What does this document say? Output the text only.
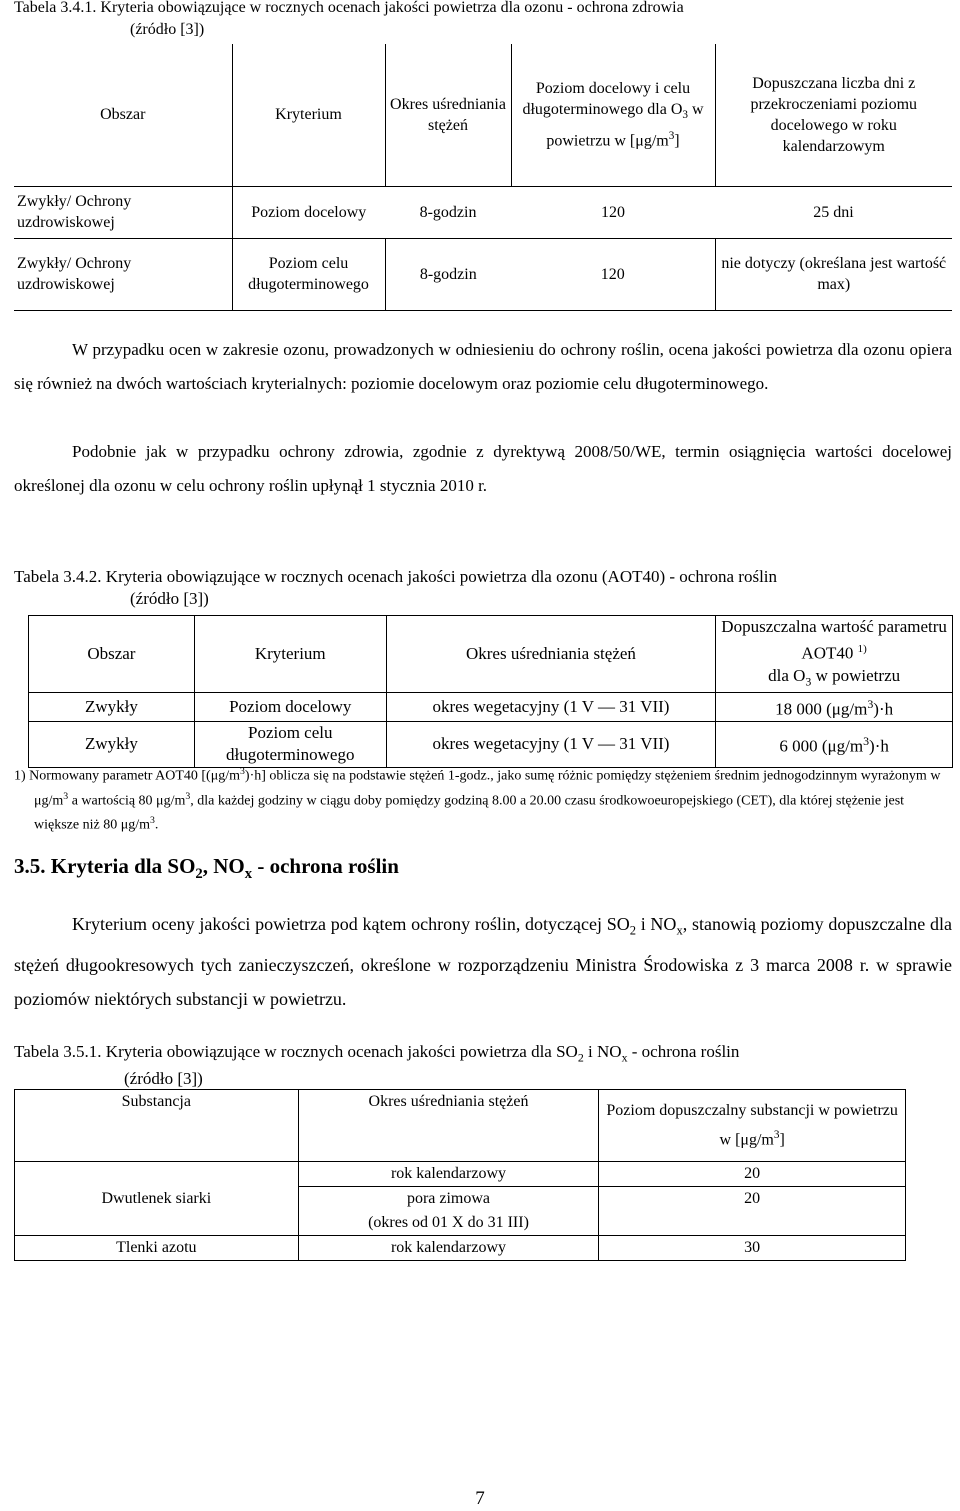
Tabela 3.4.1. Kryteria obowiązujące w rocznych ocenach jakości powietrza dla ozonu - ochrona zdrowia
(źródło [3])
Obszar	Kryterium	Okres uśredniania stężeń	Poziom docelowy i celu długoterminowego dla $O_3$ w powietrzu w $[\mu g/m^3]$	Dopuszczana liczba dni z przekroczeniami poziomu docelowego w roku kalendarzowym
Zwykły/ Ochrony uzdrowiskowej	Poziom docelowy	8-godzin	120	25 dni
Zwykły/ Ochrony uzdrowiskowej	Poziom celu długoterminowego	8-godzin	120	nie dotyczy (określana jest wartość max)
W przypadku ocen w zakresie ozonu, prowadzonych w odniesieniu do ochrony roślin, ocena jakości powietrza dla ozonu opiera się również na dwóch wartościach kryterialnych: poziomie docelowym oraz poziomie celu długoterminowego.
Podobnie jak w przypadku ochrony zdrowia, zgodnie z dyrektywą 2008/50/WE, termin osiągnięcia wartości docelowej określonej dla ozonu w celu ochrony roślin upłynął 1 stycznia 2010 r.
Tabela 3.4.2. Kryteria obowiązujące w rocznych ocenach jakości powietrza dla ozonu (AOT40) - ochrona roślin
(źródło [3])
Obszar	Kryterium	Okres uśredniania stężeń	Dopuszczalna wartość parametru AOT40 $^{1)}$
dla $O_3$ w powietrzu
Zwykły	Poziom docelowy	okres wegetacyjny (1 V — 31 VII)	18 000 $(\mu g/m^3)\cdot h$
Zwykły	Poziom celu długoterminowego	okres wegetacyjny (1 V — 31 VII)	6 000 $(\mu g/m^3)\cdot h$
1) Normowany parametr AOT40 $[(\mu g/m^3)\cdot h]$ oblicza się na podstawie stężeń 1-godz., jako sumę różnic pomiędzy stężeniem średnim jednogodzinnym wyrażonym w $\mu g/m^3$ a wartością 80 $\mu g/m^3$, dla każdej godziny w ciągu doby pomiędzy godziną 8.00 a 20.00 czasu środkowoeuropejskiego (CET), dla której stężenie jest większe niż 80 $\mu g/m^3$.
3.5. Kryteria dla $SO_2$, $NO_x$ - ochrona roślin
Kryterium oceny jakości powietrza pod kątem ochrony roślin, dotyczącej $SO_2$ i $NO_x$, stanowią poziomy dopuszczalne dla stężeń długookresowych tych zanieczyszczeń, określone w rozporządzeniu Ministra Środowiska z 3 marca 2008 r. w sprawie poziomów niektórych substancji w powietrzu.
Tabela 3.5.1. Kryteria obowiązujące w rocznych ocenach jakości powietrza dla $SO_2$ i $NO_x$ - ochrona roślin
(źródło [3])
Substancja	Okres uśredniania stężeń	Poziom dopuszczalny substancji w powietrzu w $[\mu g/m^3]$
Dwutlenek siarki	rok kalendarzowy	20
	pora zimowa	20
	(okres od 01 X do 31 III)	
Tlenki azotu	rok kalendarzowy	30
7
